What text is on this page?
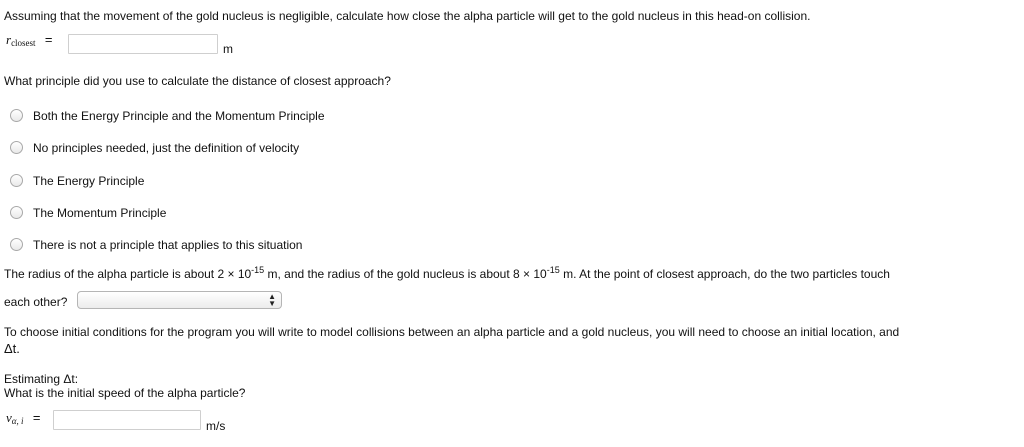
Assuming that the movement of the gold nucleus is negligible, calculate how close the alpha particle will get to the gold nucleus in this head-on collision.
rclosest =
m
What principle did you use to calculate the distance of closest approach?
Both the Energy Principle and the Momentum Principle
No principles needed, just the definition of velocity
The Energy Principle
The Momentum Principle
There is not a principle that applies to this situation
The radius of the alpha particle is about $2 \times 10^{-15}$ m, and the radius of the gold nucleus is about $8 \times 10^{-15}$ m. At the point of closest approach, do the two particles touch
each other?	▲
▼
To choose initial conditions for the program you will write to model collisions between an alpha particle and a gold nucleus, you will need to choose an initial location, and
Δt.
Estimating Δt:
What is the initial speed of the alpha particle?
vα, i =
m/s
